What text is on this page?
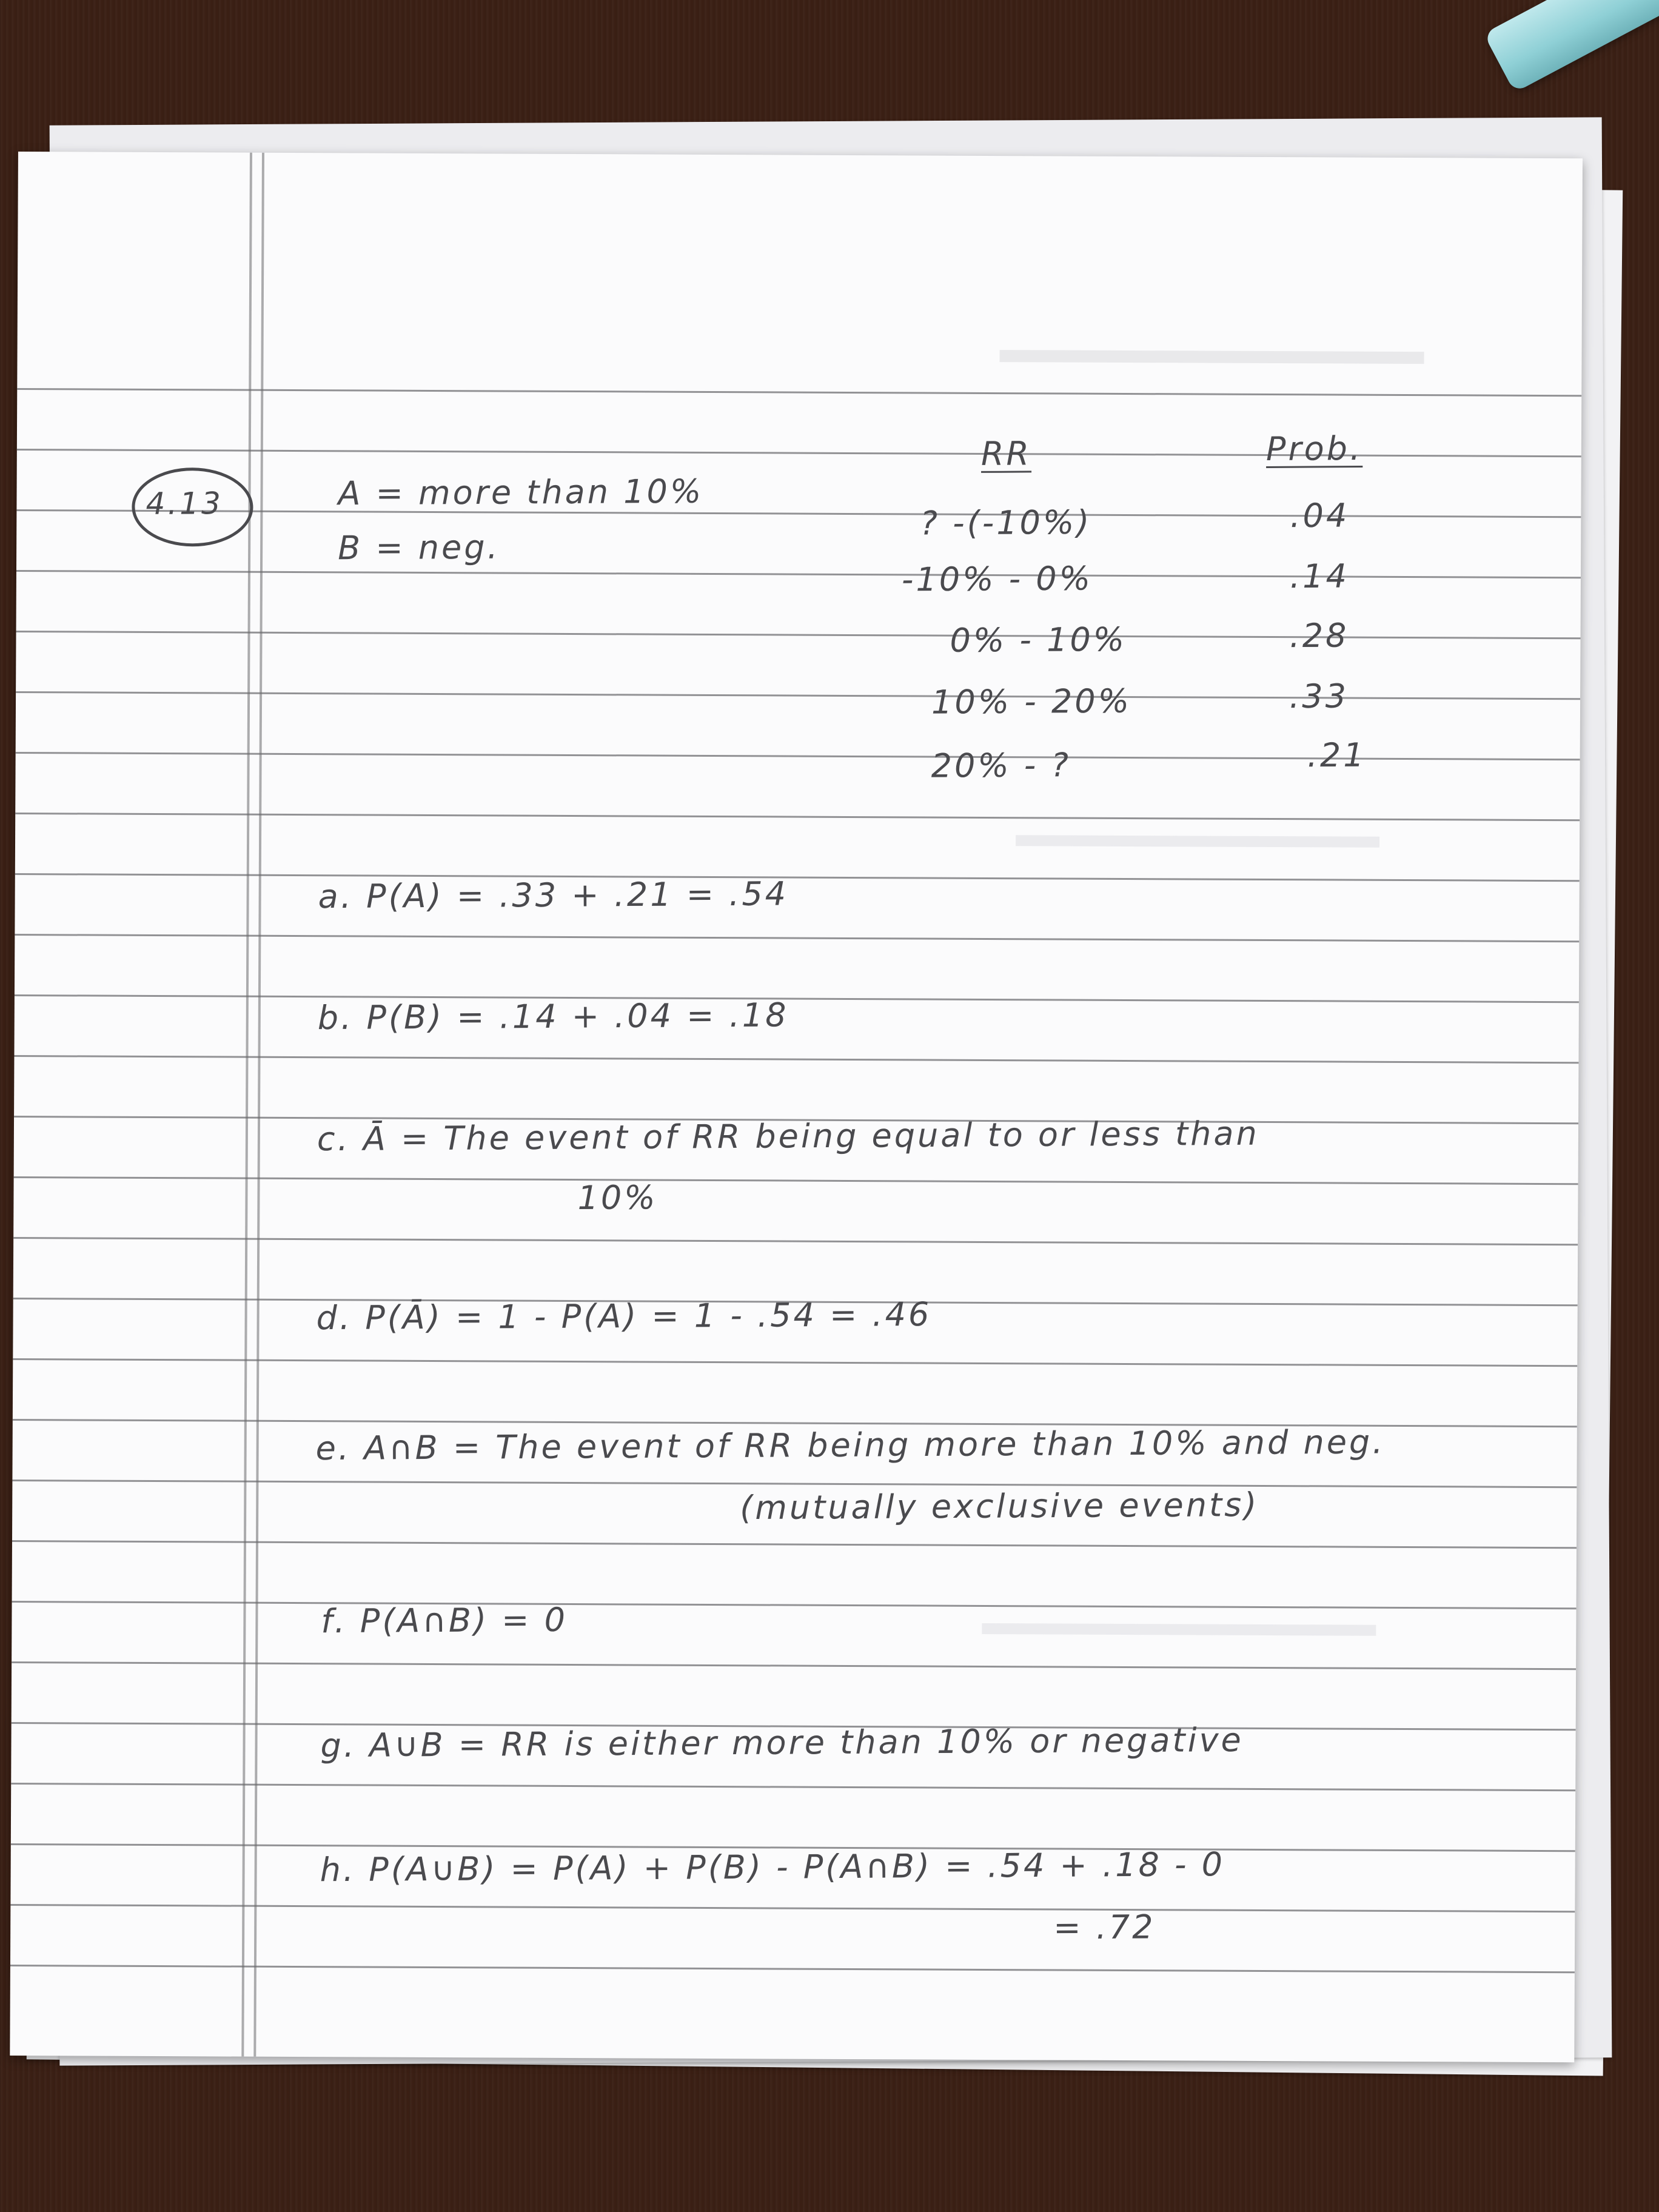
4.13	A = more than 10%
B = neg.
RR	Prob.
? -(-10%)	.04
-10% - 0%	.14
0% - 10%	.28
10% - 20%	.33
20% - ?	.21
a. P(A) = .33 + .21 = .54
b. P(B) = .14 + .04 = .18
c. Ā = The event of RR being equal to or less than
10%
d. P(Ā) = 1 - P(A) = 1 - .54 = .46
e. A∩B = The event of RR being more than 10% and neg.
(mutually exclusive events)
f. P(A∩B) = 0
g. A∪B = RR is either more than 10% or negative
h. P(A∪B) = P(A) + P(B) - P(A∩B) = .54 + .18 - 0
= .72
